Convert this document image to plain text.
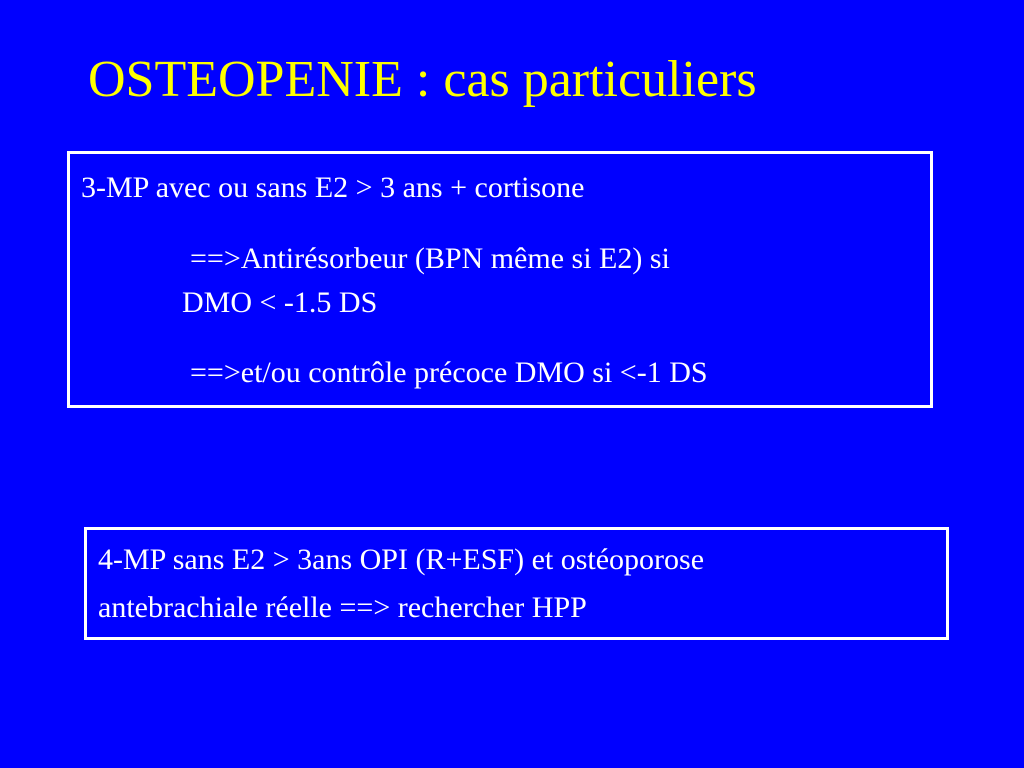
OSTEOPENIE : cas particuliers
3-MP avec ou sans E2 > 3 ans + cortisone
==>Antirésorbeur (BPN même si E2) si
DMO < -1.5 DS
==>et/ou contrôle précoce DMO si <-1 DS
4-MP sans E2 > 3ans OPI (R+ESF) et ostéoporose
antebrachiale réelle ==> rechercher HPP
